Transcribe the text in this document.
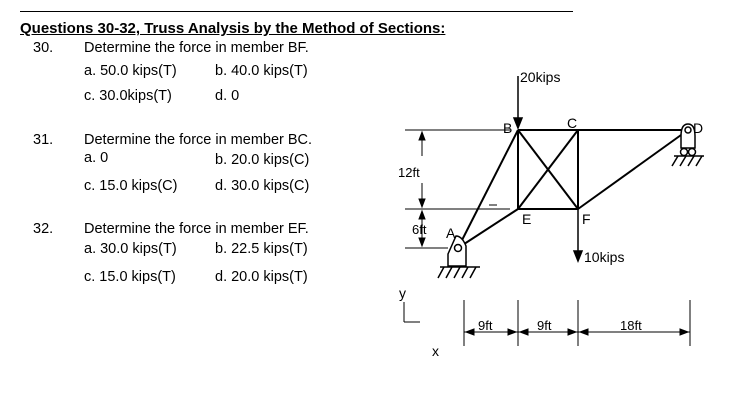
Questions 30-32, Truss Analysis by the Method of Sections:
30. Determine the force in member BF.
a. 50.0 kips(T)	b. 40.0 kips(T)
c. 30.0kips(T)	d. 0
31. Determine the force in member BC.
a. 0	b. 20.0 kips(C)
c. 15.0 kips(C)	d. 30.0 kips(C)
32. Determine the force in member EF.
a. 30.0 kips(T)	b. 22.5 kips(T)
c. 15.0 kips(T)	d. 20.0 kips(T)
20kips
10kips
B	C	D
E	F
A
12ft
6ft
9ft	9ft	18ft
y
x
